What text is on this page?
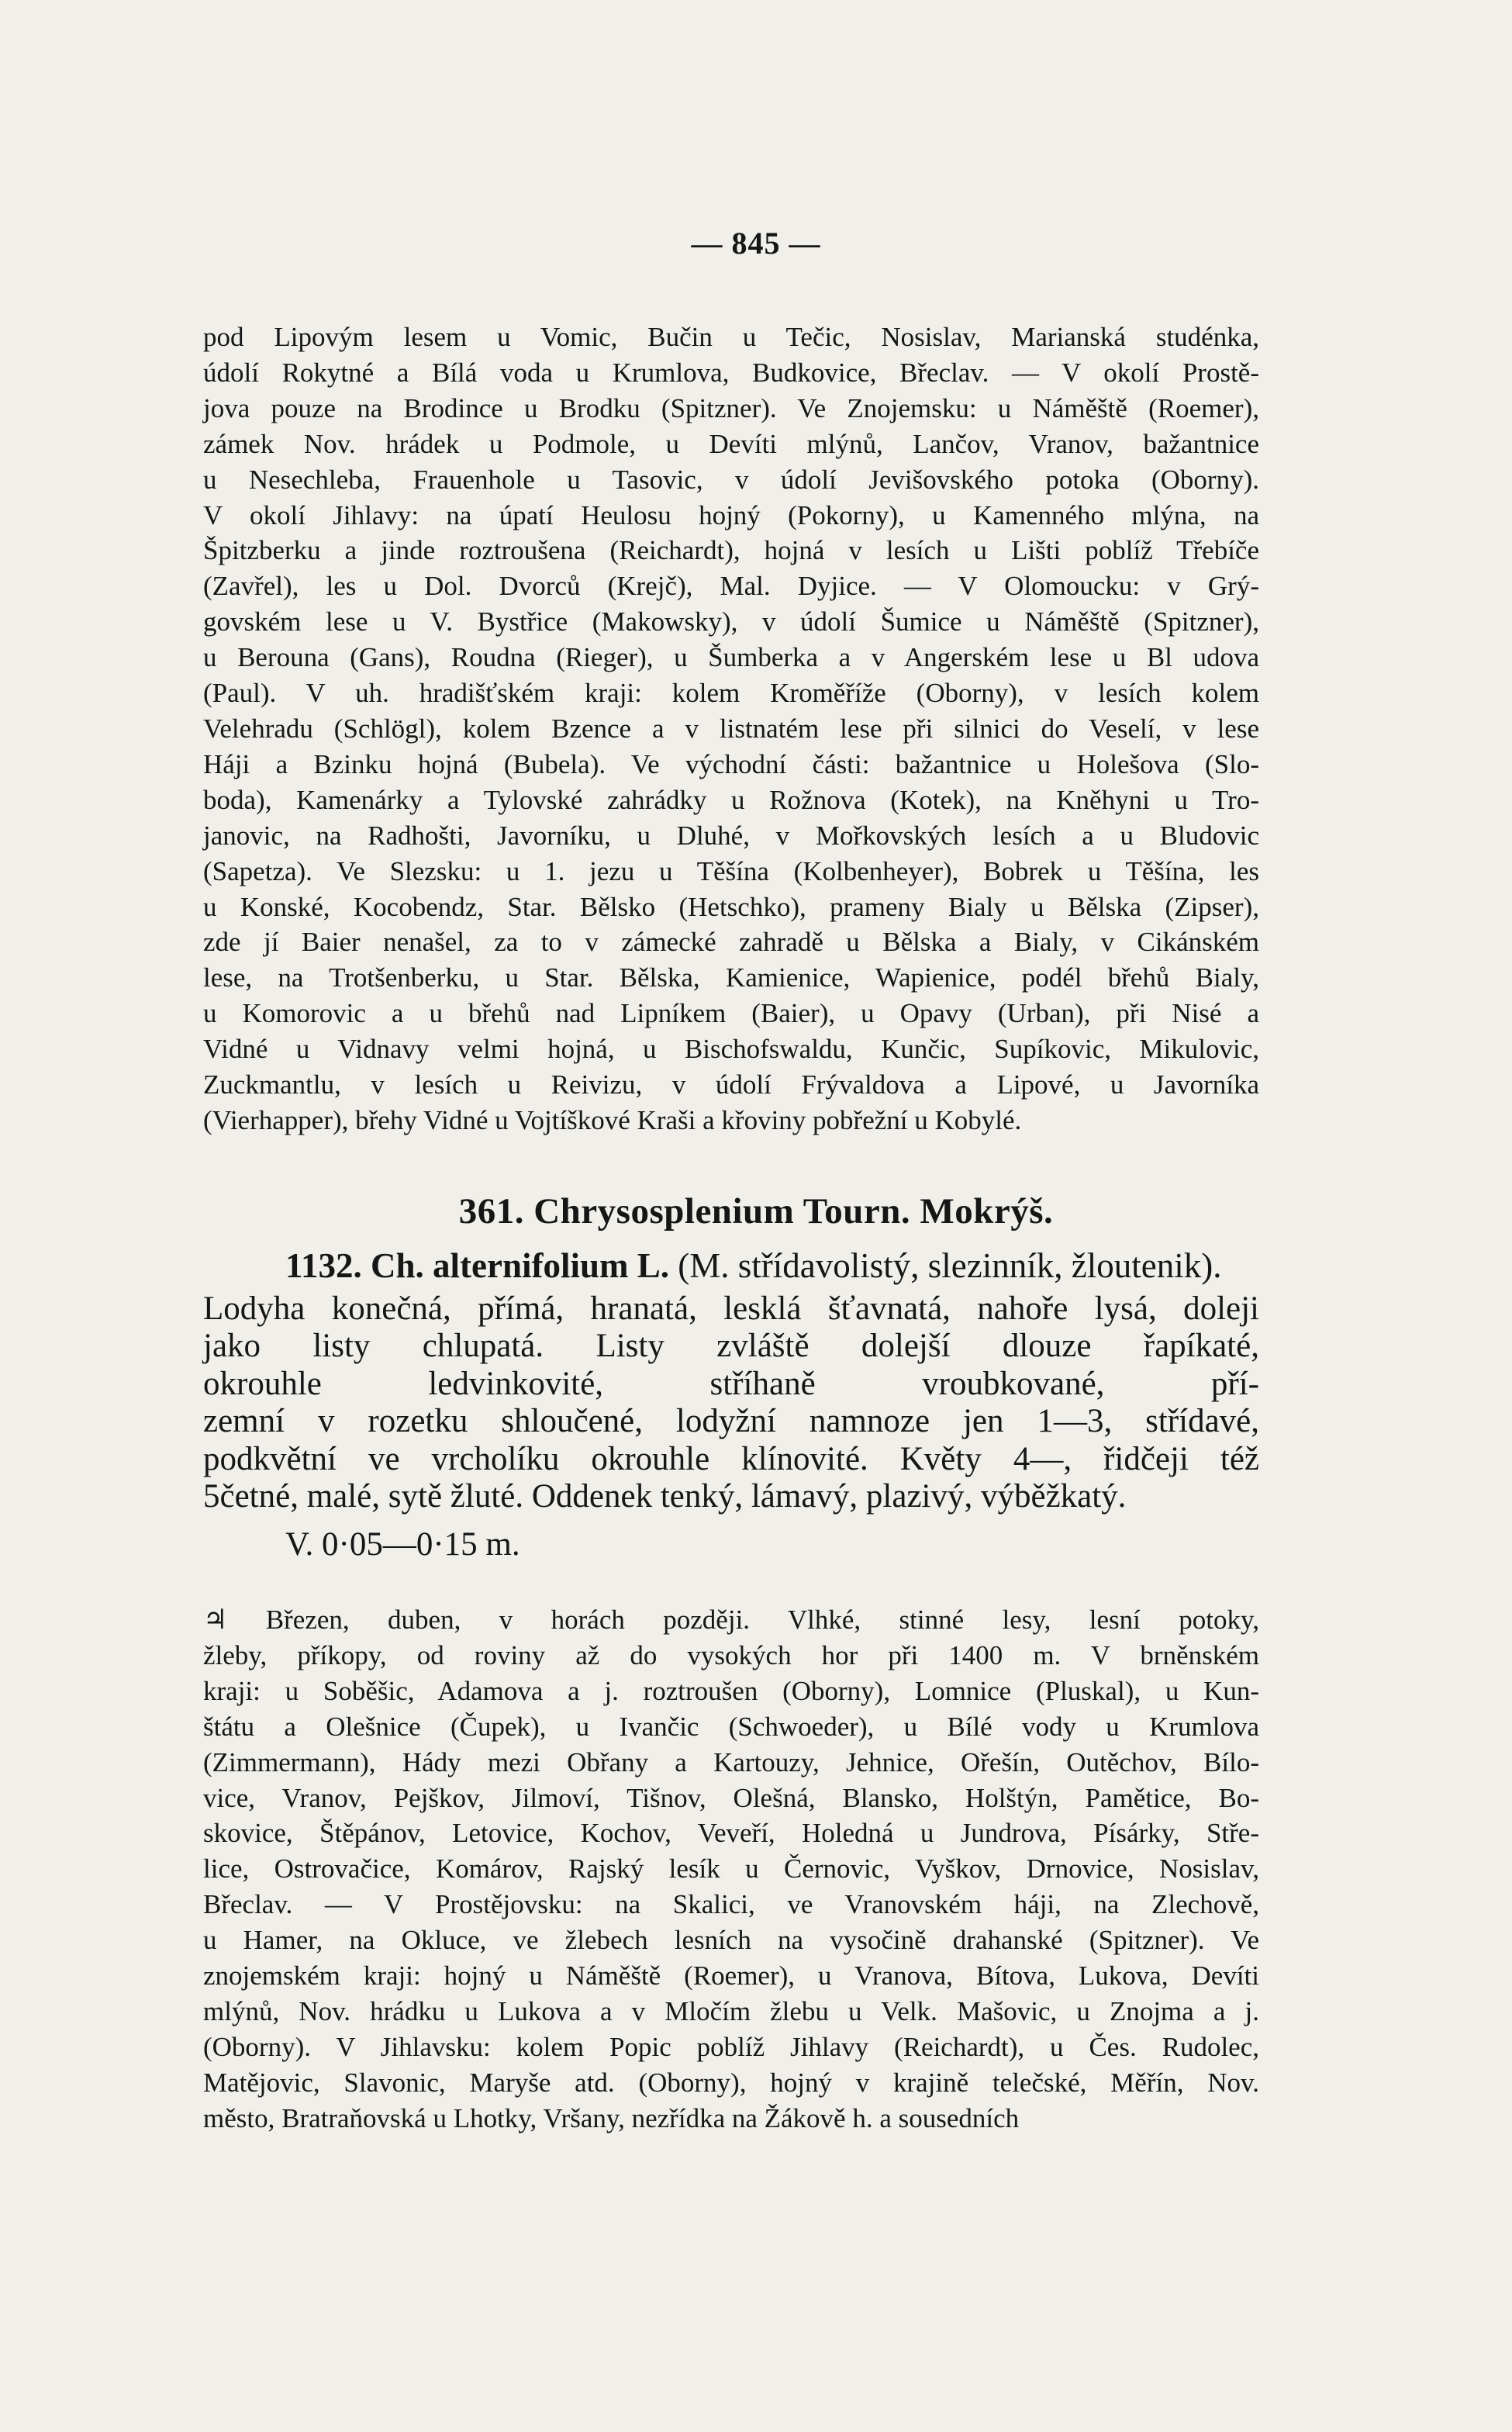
— 845 —
pod Lipovým lesem u Vomic, Bučin u Tečic, Nosislav, Marianská studénka,
údolí Rokytné a Bílá voda u Krumlova, Budkovice, Břeclav. — V okolí Prostě-
jova pouze na Brodince u Brodku (Spitzner). Ve Znojemsku: u Náměště (Roemer),
zámek Nov. hrádek u Podmole, u Devíti mlýnů, Lančov, Vranov, bažantnice
u Nesechleba, Frauenhole u Tasovic, v údolí Jevišovského potoka (Oborny).
V okolí Jihlavy: na úpatí Heulosu hojný (Pokorny), u Kamenného mlýna, na
Špitzberku a jinde roztroušena (Reichardt), hojná v lesích u Lišti poblíž Třebíče
(Zavřel), les u Dol. Dvorců (Krejč), Mal. Dyjice. — V Olomoucku: v Grý-
govském lese u V. Bystřice (Makowsky), v údolí Šumice u Náměště (Spitzner),
u Berouna (Gans), Roudna (Rieger), u Šumberka a v Angerském lese u Bl udova
(Paul). V uh. hradišťském kraji: kolem Kroměříže (Oborny), v lesích kolem
Velehradu (Schlögl), kolem Bzence a v listnatém lese při silnici do Veselí, v lese
Háji a Bzinku hojná (Bubela). Ve východní části: bažantnice u Holešova (Slo-
boda), Kamenárky a Tylovské zahrádky u Rožnova (Kotek), na Kněhyni u Tro-
janovic, na Radhošti, Javorníku, u Dluhé, v Mořkovských lesích a u Bludovic
(Sapetza). Ve Slezsku: u 1. jezu u Těšína (Kolbenheyer), Bobrek u Těšína, les
u Konské, Kocobendz, Star. Bělsko (Hetschko), prameny Bialy u Bělska (Zipser),
zde jí Baier nenašel, za to v zámecké zahradě u Bělska a Bialy, v Cikánském
lese, na Trotšenberku, u Star. Bělska, Kamienice, Wapienice, podél břehů Bialy,
u Komorovic a u břehů nad Lipníkem (Baier), u Opavy (Urban), při Nisé a
Vidné u Vidnavy velmi hojná, u Bischofswaldu, Kunčic, Supíkovic, Mikulovic,
Zuckmantlu, v lesích u Reivizu, v údolí Frývaldova a Lipové, u Javorníka
(Vierhapper), břehy Vidné u Vojtíškové Kraši a křoviny pobřežní u Kobylé.
361. Chrysosplenium Tourn. Mokrýš.
1132. Ch. alternifolium L. (M. střídavolistý, slezinník, žloutenik).
Lodyha konečná, přímá, hranatá, lesklá šťavnatá, nahoře lysá, doleji
jako listy chlupatá. Listy zvláště dolejší dlouze řapíkaté,
okrouhle ledvinkovité, stříhaně vroubkované, pří-
zemní v rozetku shloučené, lodyžní namnoze jen 1—3, střídavé,
podkvětní ve vrcholíku okrouhle klínovité. Květy 4—, řidčeji též
5četné, malé, sytě žluté. Oddenek tenký, lámavý, plazivý, výběžkatý.
V. 0·05—0·15 m.
♃ Březen, duben, v horách později. Vlhké, stinné lesy, lesní potoky,
žleby, příkopy, od roviny až do vysokých hor při 1400 m. V brněnském
kraji: u Soběšic, Adamova a j. roztroušen (Oborny), Lomnice (Pluskal), u Kun-
štátu a Olešnice (Čupek), u Ivančic (Schwoeder), u Bílé vody u Krumlova
(Zimmermann), Hády mezi Obřany a Kartouzy, Jehnice, Ořešín, Outěchov, Bílo-
vice, Vranov, Pejškov, Jilmoví, Tišnov, Olešná, Blansko, Holštýn, Pamětice, Bo-
skovice, Štěpánov, Letovice, Kochov, Veveří, Holedná u Jundrova, Písárky, Stře-
lice, Ostrovačice, Komárov, Rajský lesík u Černovic, Vyškov, Drnovice, Nosislav,
Břeclav. — V Prostějovsku: na Skalici, ve Vranovském háji, na Zlechově,
u Hamer, na Okluce, ve žlebech lesních na vysočině drahanské (Spitzner). Ve
znojemském kraji: hojný u Náměště (Roemer), u Vranova, Bítova, Lukova, Devíti
mlýnů, Nov. hrádku u Lukova a v Mločím žlebu u Velk. Mašovic, u Znojma a j.
(Oborny). V Jihlavsku: kolem Popic poblíž Jihlavy (Reichardt), u Čes. Rudolec,
Matějovic, Slavonic, Maryše atd. (Oborny), hojný v krajině telečské, Měřín, Nov.
město, Bratraňovská u Lhotky, Vršany, nezřídka na Žákově h. a sousedních
